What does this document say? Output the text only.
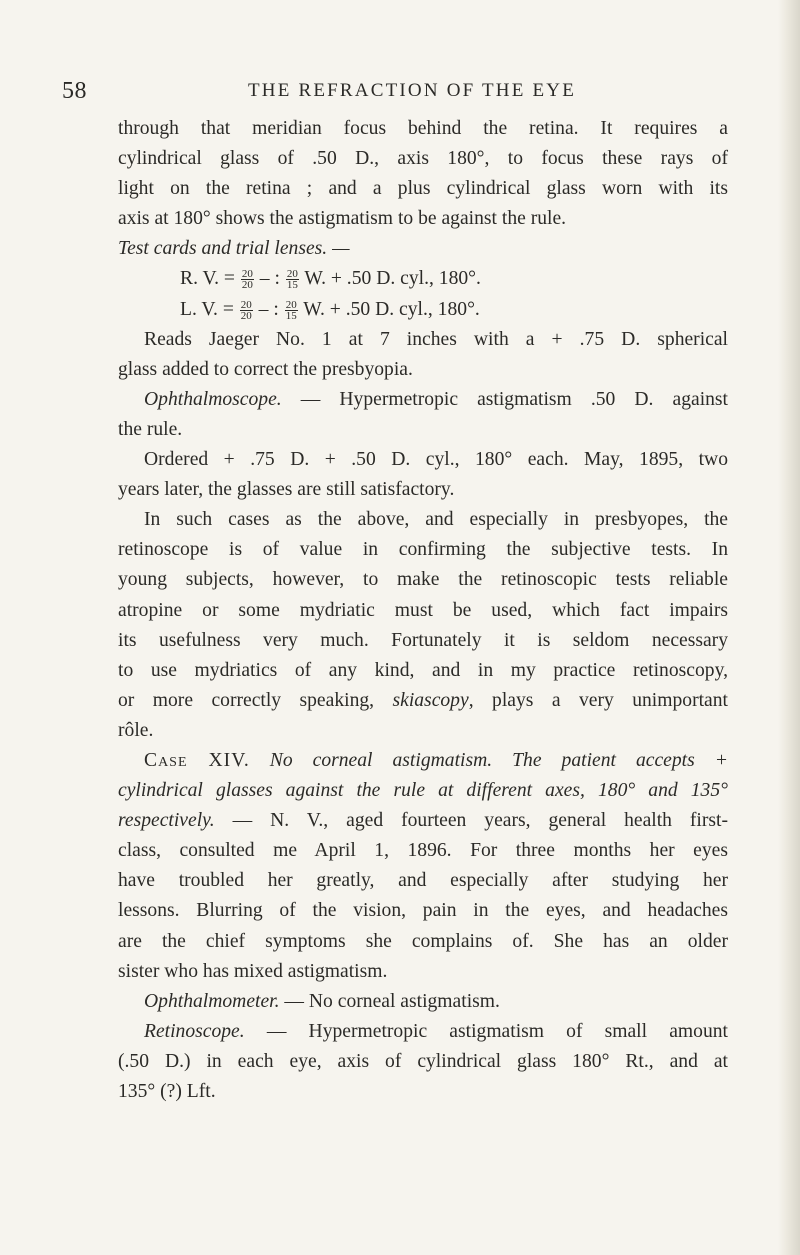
58	THE REFRACTION OF THE EYE
through that meridian focus behind the retina. It requires a
cylindrical glass of .50 D., axis 180°, to focus these rays of
light on the retina ; and a plus cylindrical glass worn with its
axis at 180° shows the astigmatism to be against the rule.
Test cards and trial lenses. —
R. V. = $\frac{20}{20}$ – : $\frac{20}{15} W$. + .50 D. cyl., 180°.
L. V. = $\frac{20}{20}$ – : $\frac{20}{15} W$. + .50 D. cyl., 180°.
Reads Jaeger No. 1 at 7 inches with a + .75 D. spherical
glass added to correct the presbyopia.
Ophthalmoscope. — Hypermetropic astigmatism .50 D. against
the rule.
Ordered + .75 D. + .50 D. cyl., 180° each. May, 1895, two
years later, the glasses are still satisfactory.
In such cases as the above, and especially in presbyopes, the
retinoscope is of value in confirming the subjective tests. In
young subjects, however, to make the retinoscopic tests reliable
atropine or some mydriatic must be used, which fact impairs
its usefulness very much. Fortunately it is seldom necessary
to use mydriatics of any kind, and in my practice retinoscopy,
or more correctly speaking, skiascopy, plays a very unimportant
rôle.
Case XIV. No corneal astigmatism. The patient accepts +
cylindrical glasses against the rule at different axes, 180° and 135°
respectively. — N. V., aged fourteen years, general health first-
class, consulted me April 1, 1896. For three months her eyes
have troubled her greatly, and especially after studying her
lessons. Blurring of the vision, pain in the eyes, and headaches
are the chief symptoms she complains of. She has an older
sister who has mixed astigmatism.
Ophthalmometer. — No corneal astigmatism.
Retinoscope. — Hypermetropic astigmatism of small amount
(.50 D.) in each eye, axis of cylindrical glass 180° Rt., and at
135° (?) Lft.
